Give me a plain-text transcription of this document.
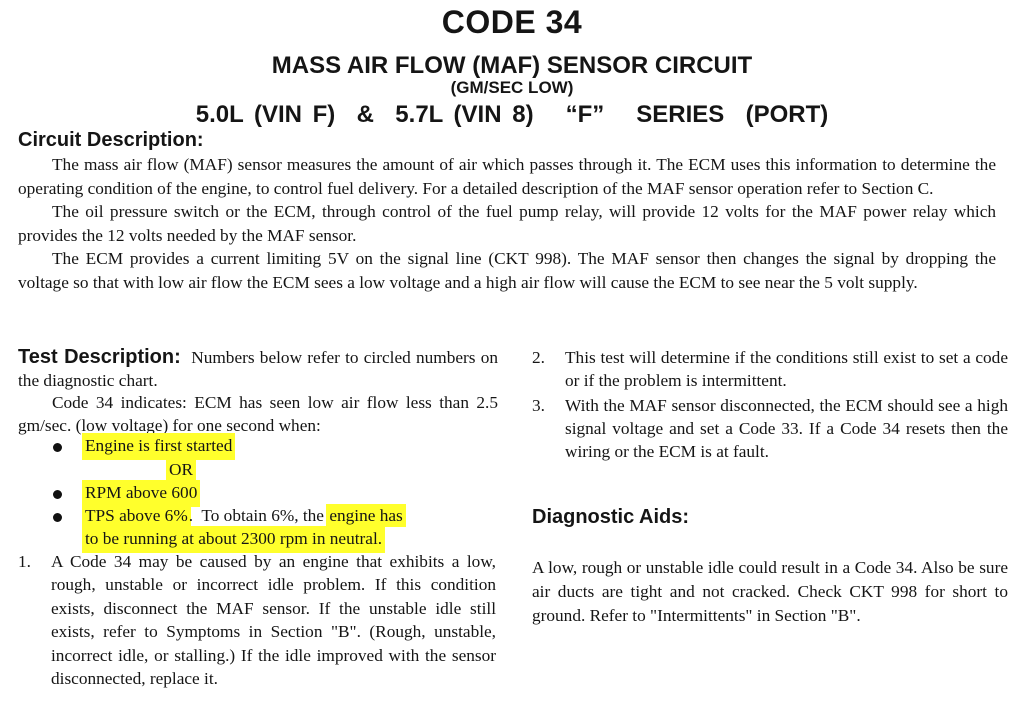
CODE 34
MASS AIR FLOW (MAF) SENSOR CIRCUIT
(GM/SEC LOW)
5.0L (VIN F)  &  5.7L (VIN 8)   “F”   SERIES  (PORT)
Circuit Description:
The mass air flow (MAF) sensor measures the amount of air which passes through it. The ECM uses this information to determine the operating condition of the engine, to control fuel delivery. For a detailed description of the MAF sensor operation refer to Section C.
The oil pressure switch or the ECM, through control of the fuel pump relay, will provide 12 volts for the MAF power relay which provides the 12 volts needed by the MAF sensor.
The ECM provides a current limiting 5V on the signal line (CKT 998). The MAF sensor then changes the signal by dropping the voltage so that with low air flow the ECM sees a low voltage and a high air flow will cause the ECM to see near the 5 volt supply.
Test Description: Numbers below refer to circled numbers on the diagnostic chart.
Code 34 indicates: ECM has seen low air flow less than 2.5 gm/sec. (low voltage) for one second when:
Engine is first started
OR
RPM above 600
TPS above 6%.  To obtain 6%, the engine has
to be running at about 2300 rpm in neutral.
1. A Code 34 may be caused by an engine that exhibits a low, rough, unstable or incorrect idle problem. If this condition exists, disconnect the MAF sensor. If the unstable idle still exists, refer to Symptoms in Section "B". (Rough, unstable, incorrect idle, or stalling.) If the idle improved with the sensor disconnected, replace it.
2. This test will determine if the conditions still exist to set a code or if the problem is intermittent.
3. With the MAF sensor disconnected, the ECM should see a high signal voltage and set a Code 33. If a Code 34 resets then the wiring or the ECM is at fault.
Diagnostic Aids:
A low, rough or unstable idle could result in a Code 34. Also be sure air ducts are tight and not cracked. Check CKT 998 for short to ground. Refer to "Intermittents" in Section "B".
